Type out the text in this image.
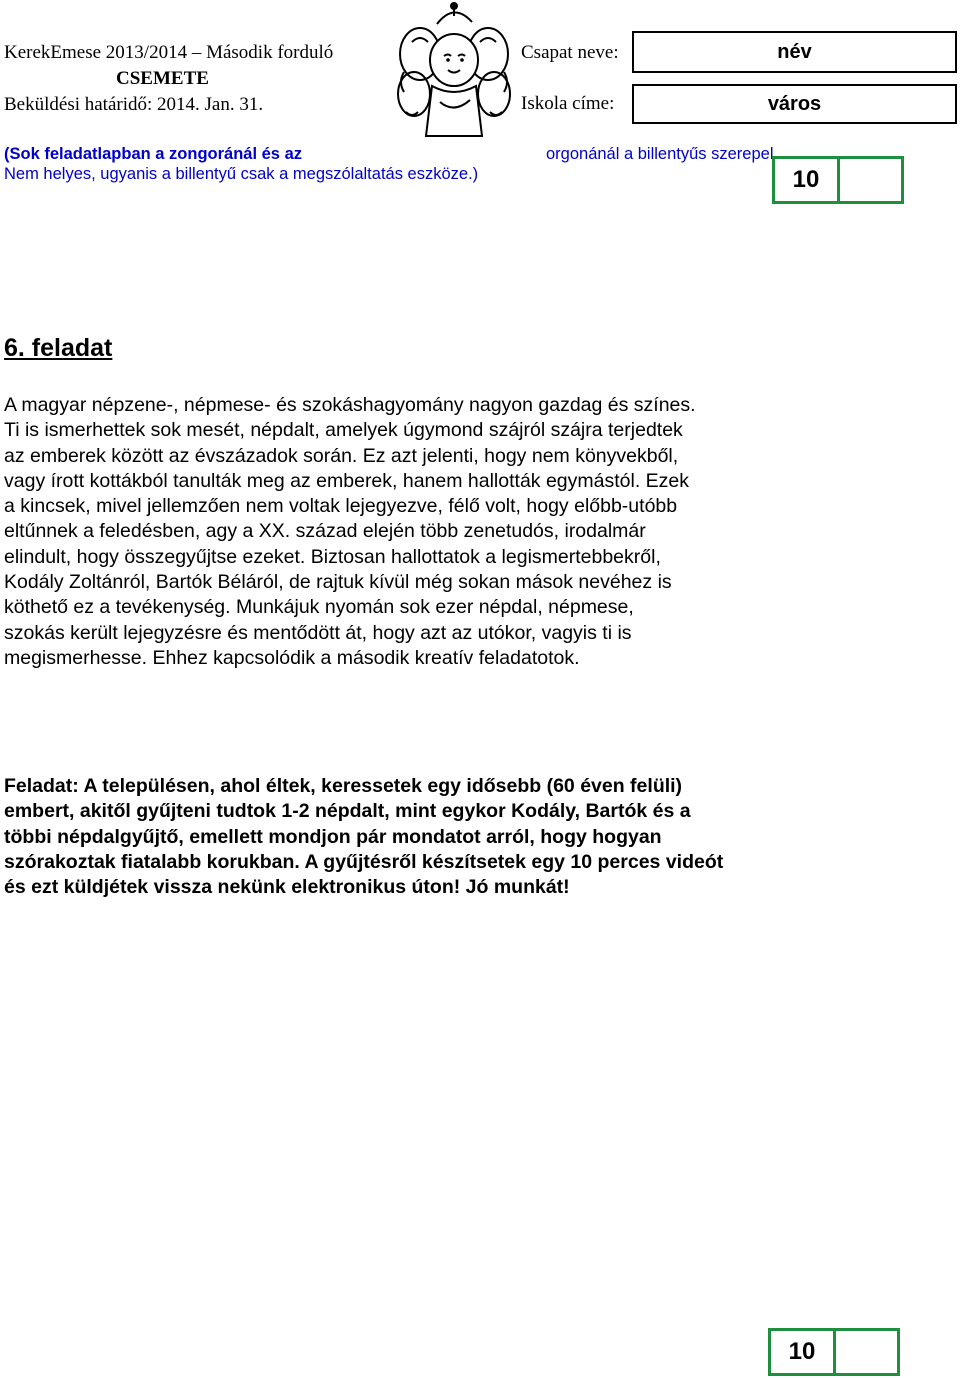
KerekEmese 2013/2014 – Második forduló
CSEMETE
Beküldési határidő: 2014. Jan. 31.
Csapat neve:	név
Iskola címe:	város
(Sok feladatlapban a zongoránál és az	orgonánál a billentyűs szerepel.
Nem helyes, ugyanis a billentyű csak a megszólaltatás eszköze.)	10
6. feladat
A magyar népzene-, népmese- és szokáshagyomány nagyon gazdag és színes.
Ti is ismerhettek sok mesét, népdalt, amelyek úgymond szájról szájra terjedtek
az emberek között az évszázadok során. Ez azt jelenti, hogy nem könyvekből,
vagy írott kottákból tanulták meg az emberek, hanem hallották egymástól. Ezek
a kincsek, mivel jellemzően nem voltak lejegyezve, félő volt, hogy előbb-utóbb
eltűnnek a feledésben, agy a XX. század elején több zenetudós, irodalmár
elindult, hogy összegyűjtse ezeket. Biztosan hallottatok a legismertebbekről,
Kodály Zoltánról, Bartók Béláról, de rajtuk kívül még sokan mások nevéhez is
köthető ez a tevékenység. Munkájuk nyomán sok ezer népdal, népmese,
szokás került lejegyzésre és mentődött át, hogy azt az utókor, vagyis ti is
megismerhesse. Ehhez kapcsolódik a második kreatív feladatotok.
Feladat: A településen, ahol éltek, keressetek egy idősebb (60 éven felüli)
embert, akitől gyűjteni tudtok 1-2 népdalt, mint egykor Kodály, Bartók és a
többi népdalgyűjtő, emellett mondjon pár mondatot arról, hogy hogyan
szórakoztak fiatalabb korukban. A gyűjtésről készítsetek egy 10 perces videót
és ezt küldjétek vissza nekünk elektronikus úton! Jó munkát!
10
